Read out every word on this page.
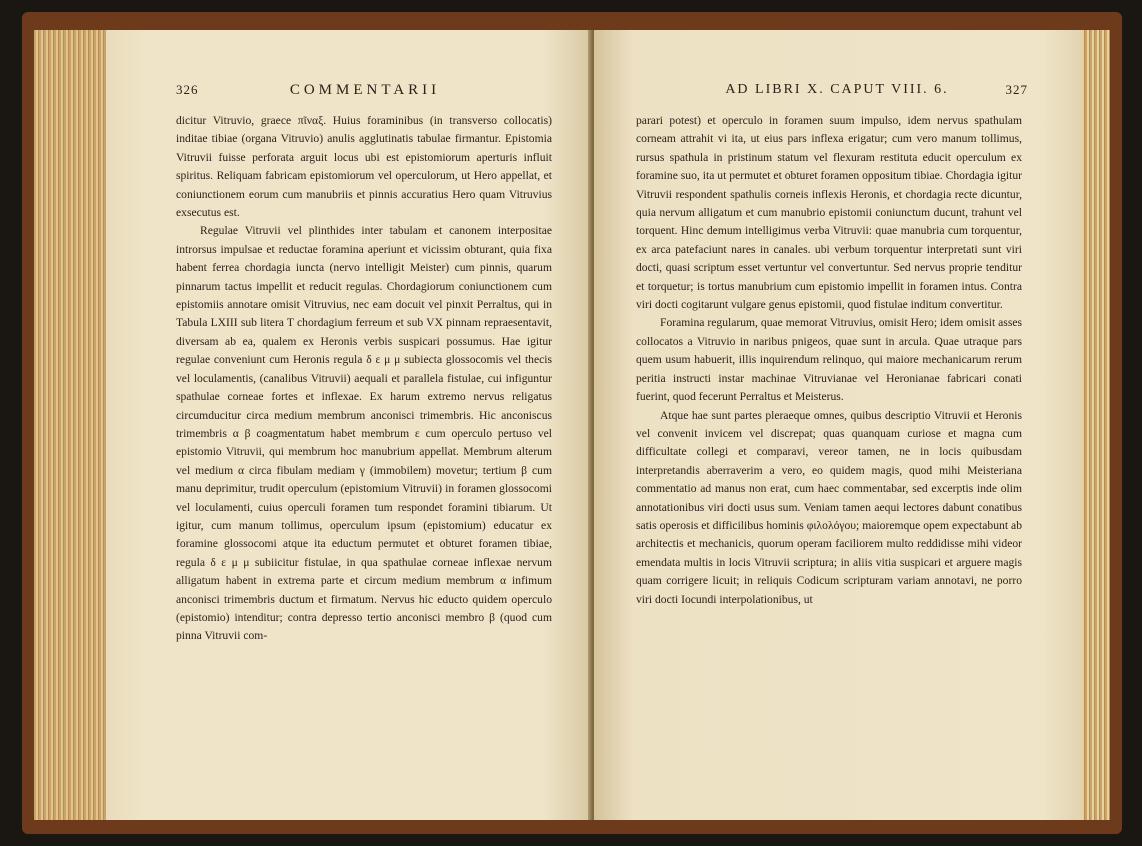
326	COMMENTARII

dicitur Vitruvio, graece πῖναξ. Huius foraminibus (in transverso collocatis) inditae tibiae (organa Vitruvio) anulis agglutinatis tabulae firmantur. Epistomia Vitruvii fuisse perforata arguit locus ubi est epistomiorum aperturis influit spiritus. Reliquam fabricam epistomiorum vel operculorum, ut Hero appellat, et coniunctionem eorum cum manubriis et pinnis accuratius Hero quam Vitruvius exsecutus est.

Regulae Vitruvii vel plinthides inter tabulam et canonem interpositae introrsus impulsae et reductae foramina aperiunt et vicissim obturant, quia fixa habent ferrea chordagia iuncta (nervo intelligit Meister) cum pinnis, quarum pinnarum tactus impellit et reducit regulas. Chordagiorum coniunctionem cum epistomiis annotare omisit Vitruvius, nec eam docuit vel pinxit Perraltus, qui in Tabula LXIII sub litera T chordagium ferreum et sub VX pinnam repraesentavit, diversam ab ea, qualem ex Heronis verbis suspicari possumus. Hae igitur regulae conveniunt cum Heronis regula δ ε μ μ subiecta glossocomis vel thecis vel loculamentis, (canalibus Vitruvii) aequali et parallela fistulae, cui infiguntur spathulae corneae fortes et inflexae. Ex harum extremo nervus religatus circumducitur circa medium membrum anconisci trimembris. Hic anconiscus trimembris α β coagmentatum habet membrum ε cum operculo pertuso vel epistomio Vitruvii, qui membrum hoc manubrium appellat. Membrum alterum vel medium α circa fibulam mediam γ (immobilem) movetur; tertium β cum manu deprimitur, trudit operculum (epistomium Vitruvii) in foramen glossocomi vel loculamenti, cuius operculi foramen tum respondet foramini tibiarum. Ut igitur, cum manum tollimus, operculum ipsum (epistomium) educatur ex foramine glossocomi atque ita eductum permutet et obturet foramen tibiae, regula δ ε μ μ subiicitur fistulae, in qua spathulae corneae inflexae nervum alligatum habent in extrema parte et circum medium membrum α infimum anconisci trimembris ductum et firmatum. Nervus hic educto quidem operculo (epistomio) intenditur; contra depresso tertio anconisci membro β (quod cum pinna Vitruvii com-

AD LIBRI X. CAPUT VIII. 6.	327

parari potest) et operculo in foramen suum impulso, idem nervus spathulam corneam attrahit vi ita, ut eius pars inflexa erigatur; cum vero manum tollimus, rursus spathula in pristinum statum vel flexuram restituta educit operculum ex foramine suo, ita ut permutet et obturet foramen oppositum tibiae. Chordagia igitur Vitruvii respondent spathulis corneis inflexis Heronis, et chordagia recte dicuntur, quia nervum alligatum et cum manubrio epistomii coniunctum ducunt, trahunt vel torquent. Hinc demum intelligimus verba Vitruvii: quae manubria cum torquentur, ex arca patefaciunt nares in canales. ubi verbum torquentur interpretati sunt viri docti, quasi scriptum esset vertuntur vel convertuntur. Sed nervus proprie tenditur et torquetur; is tortus manubrium cum epistomio impellit in foramen intus. Contra viri docti cogitarunt vulgare genus epistomii, quod fistulae inditum convertitur.

Foramina regularum, quae memorat Vitruvius, omisit Hero; idem omisit asses collocatos a Vitruvio in naribus pnigeos, quae sunt in arcula. Quae utraque pars quem usum habuerit, illis inquirendum relinquo, qui maiore mechanicarum rerum peritia instructi instar machinae Vitruvianae vel Heronianae fabricari conati fuerint, quod fecerunt Perraltus et Meisterus.

Atque hae sunt partes pleraeque omnes, quibus descriptio Vitruvii et Heronis vel convenit invicem vel discrepat; quas quanquam curiose et magna cum difficultate collegi et comparavi, vereor tamen, ne in locis quibusdam interpretandis aberraverim a vero, eo quidem magis, quod mihi Meisteriana commentatio ad manus non erat, cum haec commentabar, sed excerptis inde olim annotationibus viri docti usus sum. Veniam tamen aequi lectores dabunt conatibus satis operosis et difficilibus hominis φιλολόγου; maioremque opem expectabunt ab architectis et mechanicis, quorum operam faciliorem multo reddidisse mihi videor emendata multis in locis Vitruvii scriptura; in aliis vitia suspicari et arguere magis quam corrigere licuit; in reliquis Codicum scripturam variam annotavi, ne porro viri docti Iocundi interpolationibus, ut
